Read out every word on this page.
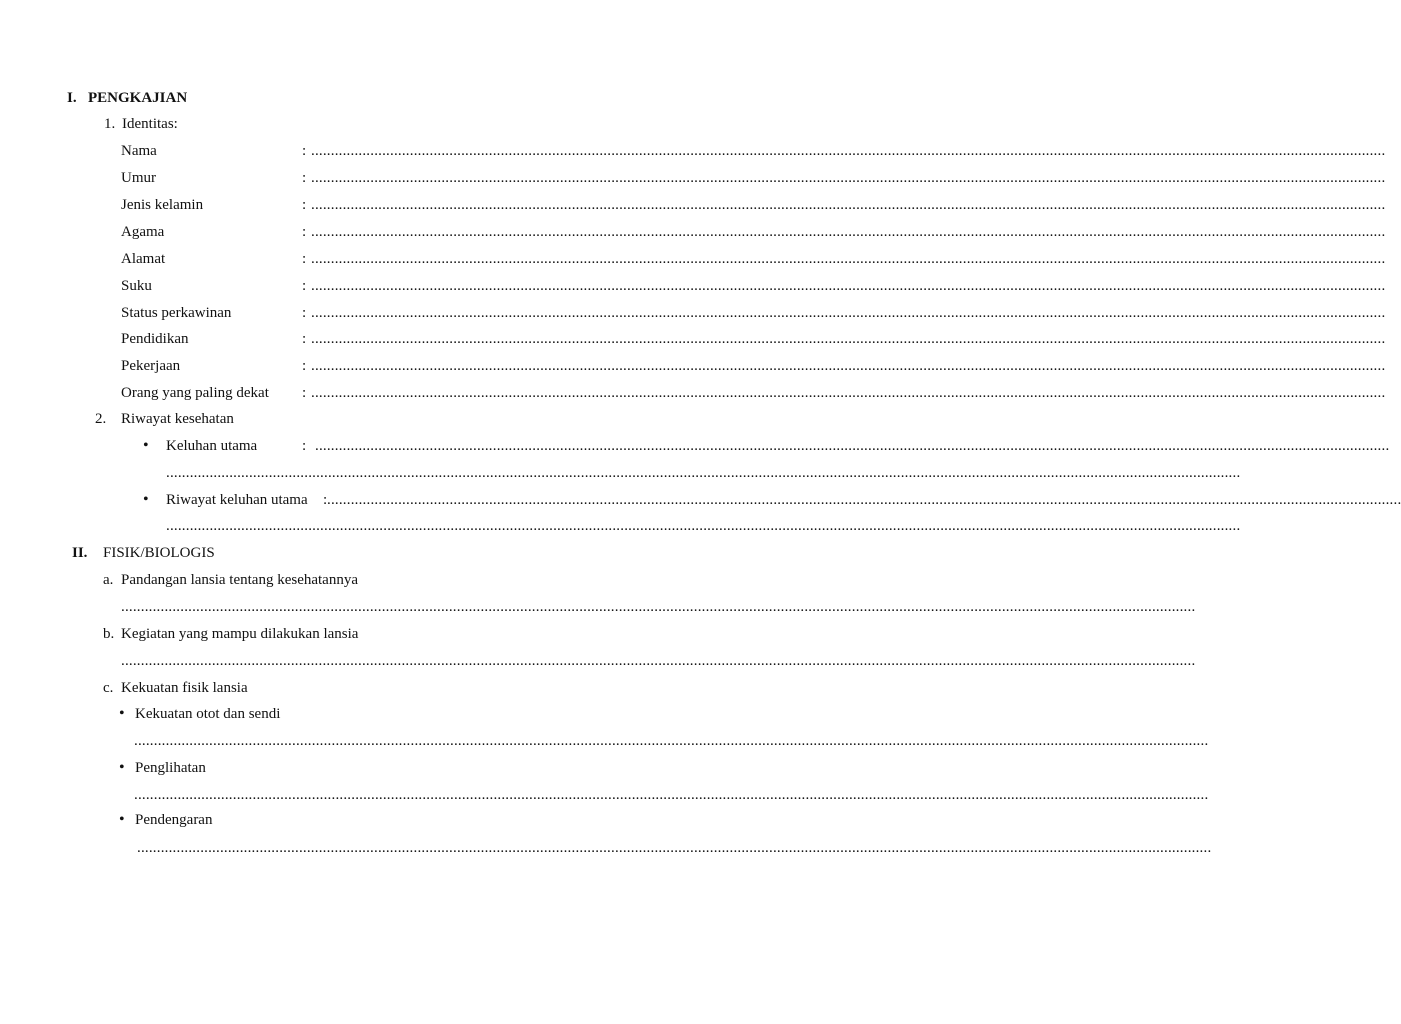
I. PENGKAJIAN
1. Identitas:
Nama	: ................................................................................................................................................................................................................................................................................
Umur	: ................................................................................................................................................................................................................................................................................
Jenis kelamin	: ................................................................................................................................................................................................................................................................................
Agama	: ................................................................................................................................................................................................................................................................................
Alamat	: ................................................................................................................................................................................................................................................................................
Suku	: ................................................................................................................................................................................................................................................................................
Status perkawinan	: ................................................................................................................................................................................................................................................................................
Pendidikan	: ................................................................................................................................................................................................................................................................................
Pekerjaan	: ................................................................................................................................................................................................................................................................................
Orang yang paling dekat : ................................................................................................................................................................................................................................................................................
2. Riwayat kesehatan
• Keluhan utama	: ................................................................................................................................................................................................................................................................................
................................................................................................................................................................................................................................................................................
• Riwayat keluhan utama : ................................................................................................................................................................................................................................................................................
................................................................................................................................................................................................................................................................................
II. FISIK/BIOLOGIS
a. Pandangan lansia tentang kesehatannya
................................................................................................................................................................................................................................................................................
b. Kegiatan yang mampu dilakukan lansia
................................................................................................................................................................................................................................................................................
c. Kekuatan fisik lansia
• Kekuatan otot dan sendi
................................................................................................................................................................................................................................................................................
• Penglihatan
................................................................................................................................................................................................................................................................................
• Pendengaran
................................................................................................................................................................................................................................................................................
